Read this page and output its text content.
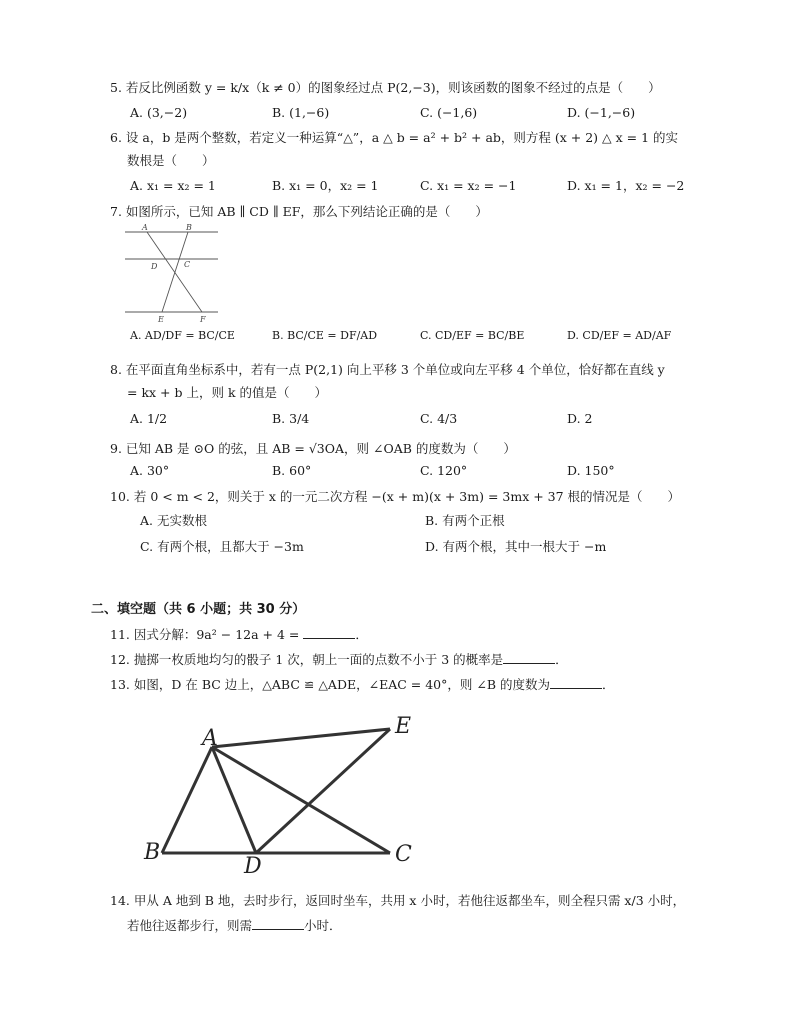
5. 若反比例函数 y = k/x（k ≠ 0）的图象经过点 P(2,−3)，则该函数的图象不经过的点是（　　）
A. (3,−2)	B. (1,−6)	C. (−1,6)	D. (−1,−6)
6. 设 a，b 是两个整数，若定义一种运算“△”，a △ b = a² + b² + ab，则方程 (x + 2) △ x = 1 的实
数根是（　　）
A. x₁ = x₂ = 1	B. x₁ = 0，x₂ = 1	C. x₁ = x₂ = −1	D. x₁ = 1，x₂ = −2
7. 如图所示，已知 AB ∥ CD ∥ EF，那么下列结论正确的是（　　）
A	B
D	C
E	F
A. AD/DF = BC/CE	B. BC/CE = DF/AD	C. CD/EF = BC/BE	D. CD/EF = AD/AF
8. 在平面直角坐标系中，若有一点 P(2,1) 向上平移 3 个单位或向左平移 4 个单位，恰好都在直线 y
= kx + b 上，则 k 的值是（　　）
A. 1/2	B. 3/4	C. 4/3	D. 2
9. 已知 AB 是 ⊙O 的弦，且 AB = √3OA，则 ∠OAB 的度数为（　　）
A. 30°	B. 60°	C. 120°	D. 150°
10. 若 0 < m < 2，则关于 x 的一元二次方程 −(x + m)(x + 3m) = 3mx + 37 根的情况是（　　）
A. 无实数根	B. 有两个正根
C. 有两个根，且都大于 −3m	D. 有两个根，其中一根大于 −m
二、填空题（共 6 小题；共 30 分）
11. 因式分解：9a² − 12a + 4 =	．
12. 抛掷一枚质地均匀的骰子 1 次，朝上一面的点数不小于 3 的概率是	．
13. 如图，D 在 BC 边上，△ABC ≌ △ADE，∠EAC = 40°，则 ∠B 的度数为	．
A	E
B
D	C
14. 甲从 A 地到 B 地，去时步行，返回时坐车，共用 x 小时，若他往返都坐车，则全程只需 x/3 小时，
若他往返都步行，则需	小时．
